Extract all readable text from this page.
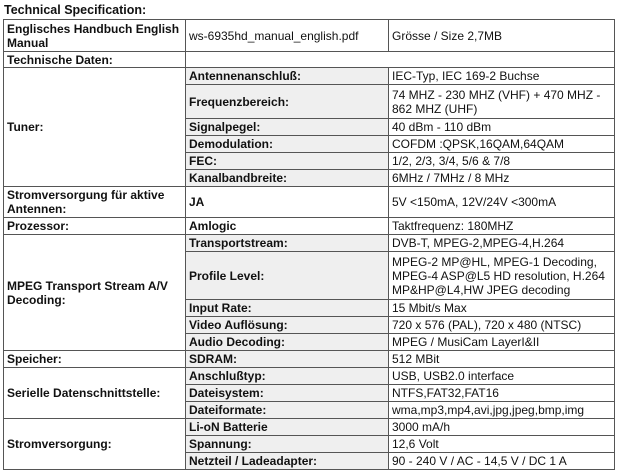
Technical Specification:
Englisches Handbuch English Manual	ws-6935hd_manual_english.pdf	Grösse / Size 2,7MB
Technische Daten:		
Tuner:	Antennenanschluß:	IEC-Typ, IEC 169-2 Buchse
	Frequenzbereich:	74 MHZ - 230 MHZ (VHF) + 470 MHZ - 862 MHZ (UHF)
	Signalpegel:	40 dBm - 110 dBm
	Demodulation:	COFDM :QPSK,16QAM,64QAM
	FEC:	1/2, 2/3, 3/4, 5/6 & 7/8
	Kanalbandbreite:	6MHz / 7MHz / 8 MHz
Stromversorgung für aktive Antennen:	JA	5V <150mA, 12V/24V <300mA
Prozessor:	Amlogic	Taktfrequenz: 180MHZ
MPEG Transport Stream A/V Decoding:	Transportstream:	DVB-T, MPEG-2,MPEG-4,H.264
	Profile Level:	MPEG-2 MP@HL, MPEG-1 Decoding, MPEG-4 ASP@L5 HD resolution, H.264 MP&HP@L4,HW JPEG decoding
	Input Rate:	15 Mbit/s Max
	Video Auflösung:	720 x 576 (PAL), 720 x 480 (NTSC)
	Audio Decoding:	MPEG / MusiCam LayerI&II
Speicher:	SDRAM:	512 MBit
Serielle Datenschnittstelle:	Anschlußtyp:	USB, USB2.0 interface
	Dateisystem:	NTFS,FAT32,FAT16
	Dateiformate:	wma,mp3,mp4,avi,jpg,jpeg,bmp,img
Stromversorgung:	Li-oN Batterie	3000 mA/h
	Spannung:	12,6 Volt
	Netzteil / Ladeadapter:	90 - 240 V / AC - 14,5 V / DC 1 A
